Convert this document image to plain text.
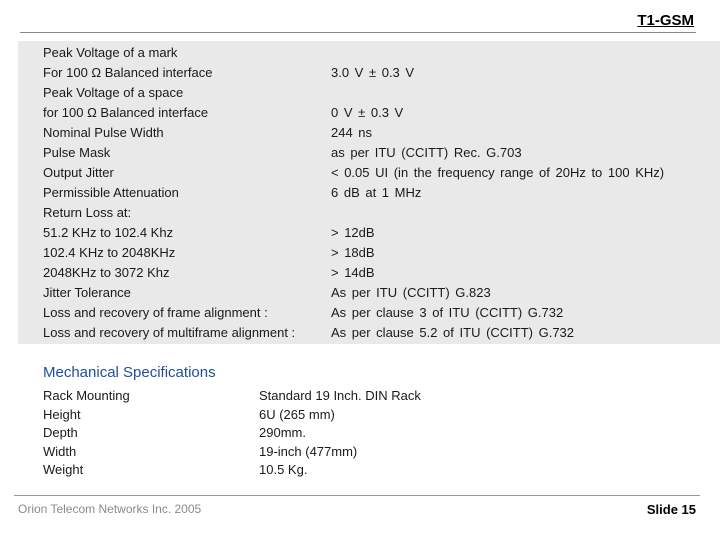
T1-GSM
Peak Voltage of a mark
For 100 Ω Balanced interface	3.0 V ± 0.3 V
Peak Voltage of a space
for 100 Ω Balanced interface	0 V ± 0.3 V
Nominal Pulse Width	244 ns
Pulse Mask	as per ITU (CCITT) Rec. G.703
Output Jitter	< 0.05 UI (in the frequency range of 20Hz to 100 KHz)
Permissible Attenuation	6 dB at 1 MHz
Return Loss at:
51.2 KHz to 102.4 Khz	> 12dB
102.4 KHz to 2048KHz	> 18dB
2048KHz to 3072 Khz	> 14dB
Jitter Tolerance	As per ITU (CCITT) G.823
Loss and recovery of frame alignment :	As per clause 3 of ITU (CCITT) G.732
Loss and recovery of multiframe alignment :	As per clause 5.2 of ITU (CCITT) G.732
Mechanical Specifications
Rack Mounting	Standard 19 Inch. DIN Rack
Height	6U (265 mm)
Depth	290mm.
Width	19-inch (477mm)
Weight	10.5 Kg.
Orion Telecom Networks Inc. 2005	Slide 15
